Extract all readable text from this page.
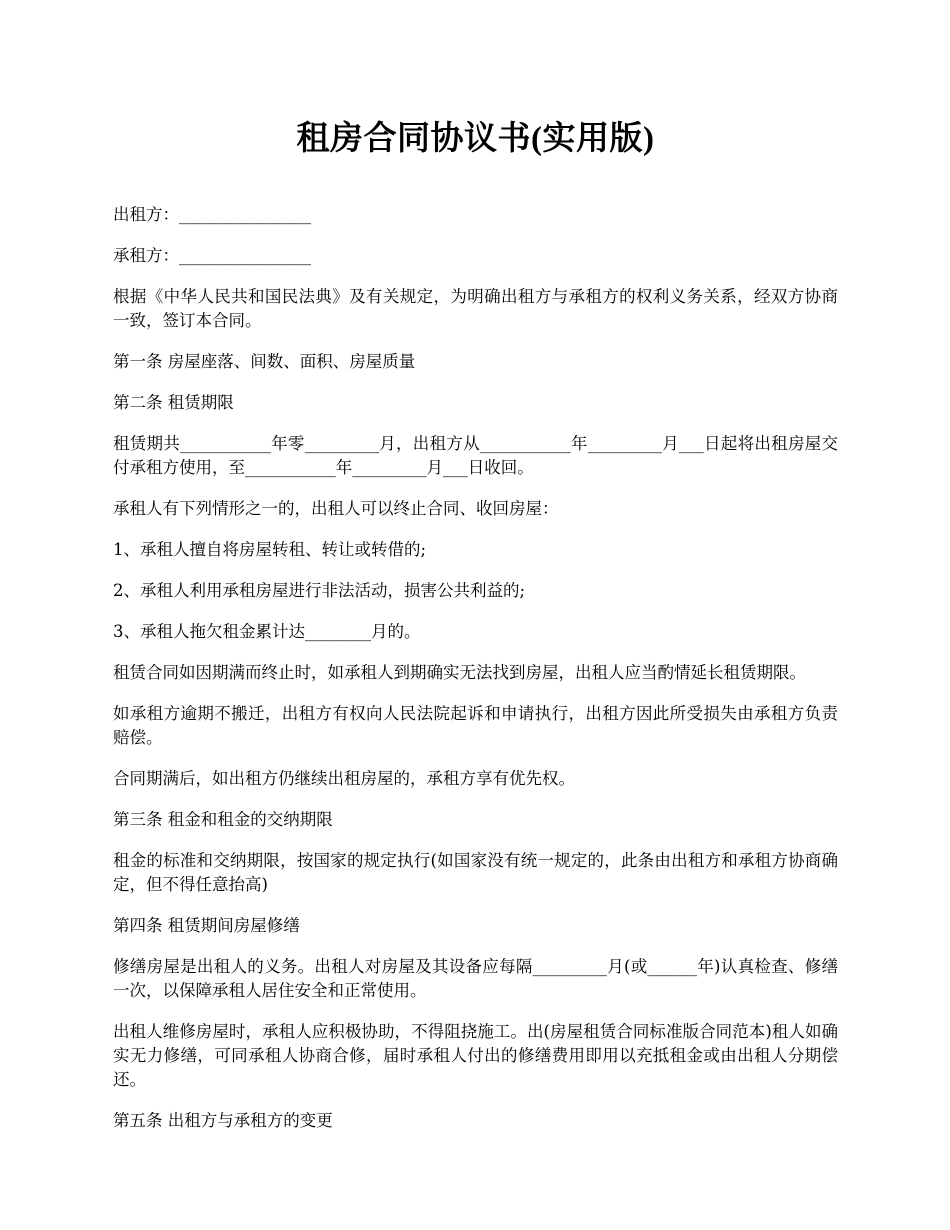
租房合同协议书(实用版)

出租方：________________

承租方：________________

根据《中华人民共和国民法典》及有关规定，为明确出租方与承租方的权利义务关系，经双方协商一致，签订本合同。

第一条 房屋座落、间数、面积、房屋质量

第二条 租赁期限

租赁期共___________年零_________月，出租方从___________年_________月___日起将出租房屋交付承租方使用，至___________年_________月___日收回。

承租人有下列情形之一的，出租人可以终止合同、收回房屋：

1、承租人擅自将房屋转租、转让或转借的;

2、承租人利用承租房屋进行非法活动，损害公共利益的;

3、承租人拖欠租金累计达________月的。

租赁合同如因期满而终止时，如承租人到期确实无法找到房屋，出租人应当酌情延长租赁期限。

如承租方逾期不搬迁，出租方有权向人民法院起诉和申请执行，出租方因此所受损失由承租方负责赔偿。

合同期满后，如出租方仍继续出租房屋的，承租方享有优先权。

第三条 租金和租金的交纳期限

租金的标准和交纳期限，按国家的规定执行(如国家没有统一规定的，此条由出租方和承租方协商确定，但不得任意抬高)

第四条 租赁期间房屋修缮

修缮房屋是出租人的义务。出租人对房屋及其设备应每隔_________月(或______年)认真检查、修缮一次，以保障承租人居住安全和正常使用。

出租人维修房屋时，承租人应积极协助，不得阻挠施工。出(房屋租赁合同标准版合同范本)租人如确实无力修缮，可同承租人协商合修，届时承租人付出的修缮费用即用以充抵租金或由出租人分期偿还。

第五条 出租方与承租方的变更
